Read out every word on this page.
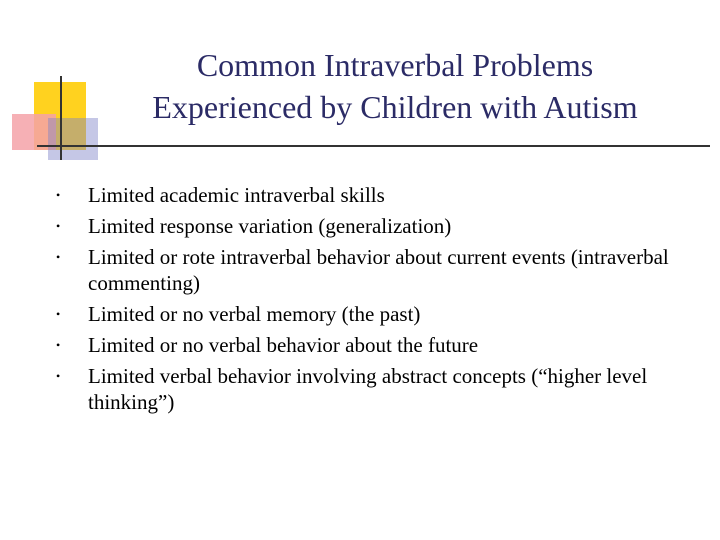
Common Intraverbal Problems
Experienced by Children with Autism
• Limited academic intraverbal skills
• Limited response variation (generalization)
• Limited or rote intraverbal behavior about current events (intraverbal commenting)
• Limited or no verbal memory (the past)
• Limited or no verbal behavior about the future
• Limited verbal behavior involving abstract concepts (“higher level thinking”)
